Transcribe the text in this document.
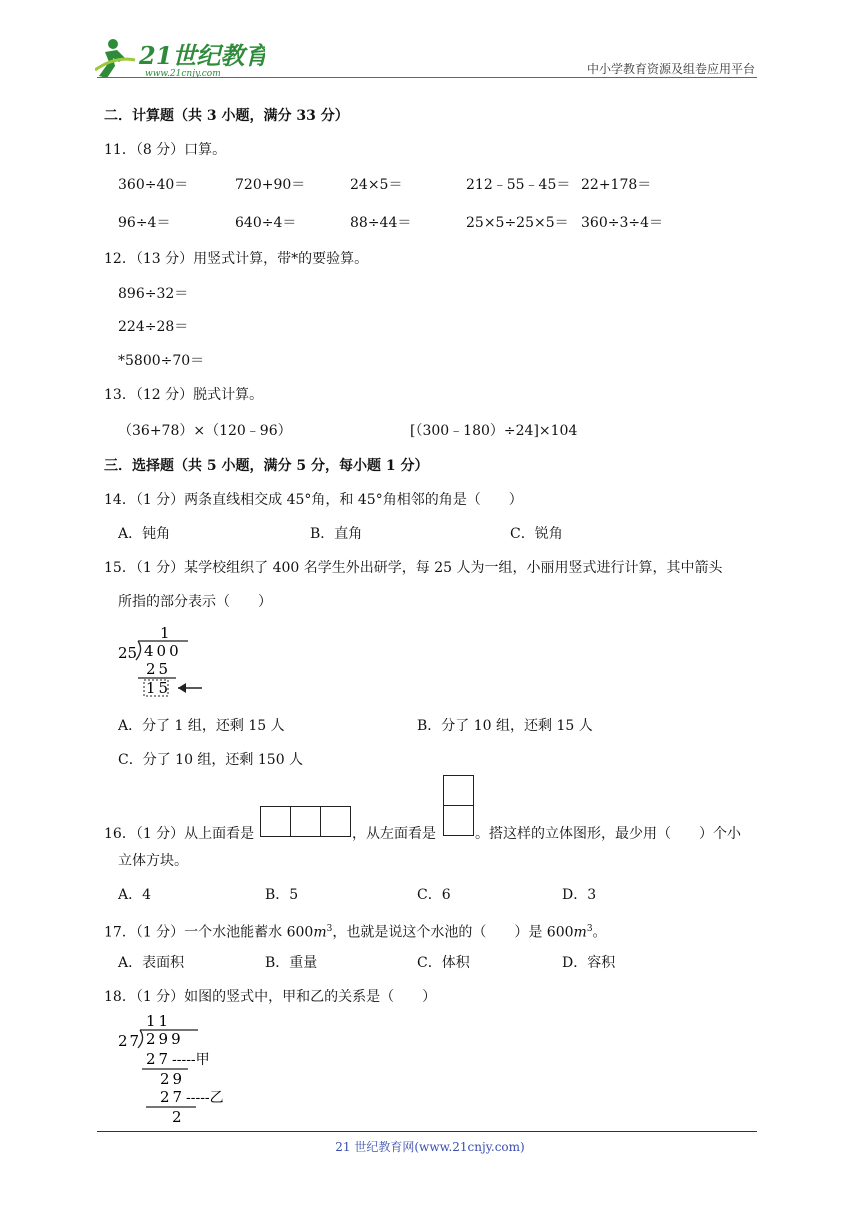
21世纪教育
www.21cnjy.com	中小学教育资源及组卷应用平台
二．计算题（共 3 小题，满分 33 分）
11．（8 分）口算。
360÷40＝	720+90＝	24×5＝	212﹣55﹣45＝ 22+178＝
96÷4＝	640÷4＝	88÷44＝	25×5÷25×5＝ 360÷3÷4＝
12．（13 分）用竖式计算，带*的要验算。
896÷32＝
224÷28＝
*5800÷70＝
13．（12 分）脱式计算。
（36+78）×（120﹣96）	[（300﹣180）÷24]×104
三．选择题（共 5 小题，满分 5 分，每小题 1 分）
14．（1 分）两条直线相交成 45°角，和 45°角相邻的角是（　　）
A．钝角	B．直角	C．锐角
15．（1 分）某学校组织了 400 名学生外出研学，每 25 人为一组，小丽用竖式进行计算，其中箭头
所指的部分表示（　　）
1
25 400
25
15
A．分了 1 组，还剩 15 人	B．分了 10 组，还剩 15 人
C．分了 10 组，还剩 150 人
16．（1 分）从上面看是	，从左面看是	。搭这样的立体图形，最少用（　　）个小
立体方块。
A．4	B．5	C．6	D．3
17．（1 分）一个水池能蓄水 $600m^3$，也就是说这个水池的（　　）是 $600m^3$。
A．表面积	B．重量	C．体积	D．容积
18．（1 分）如图的竖式中，甲和乙的关系是（　　）
11
27 299
27 -----甲
29
27 -----乙
2
21 世纪教育网(www.21cnjy.com)
